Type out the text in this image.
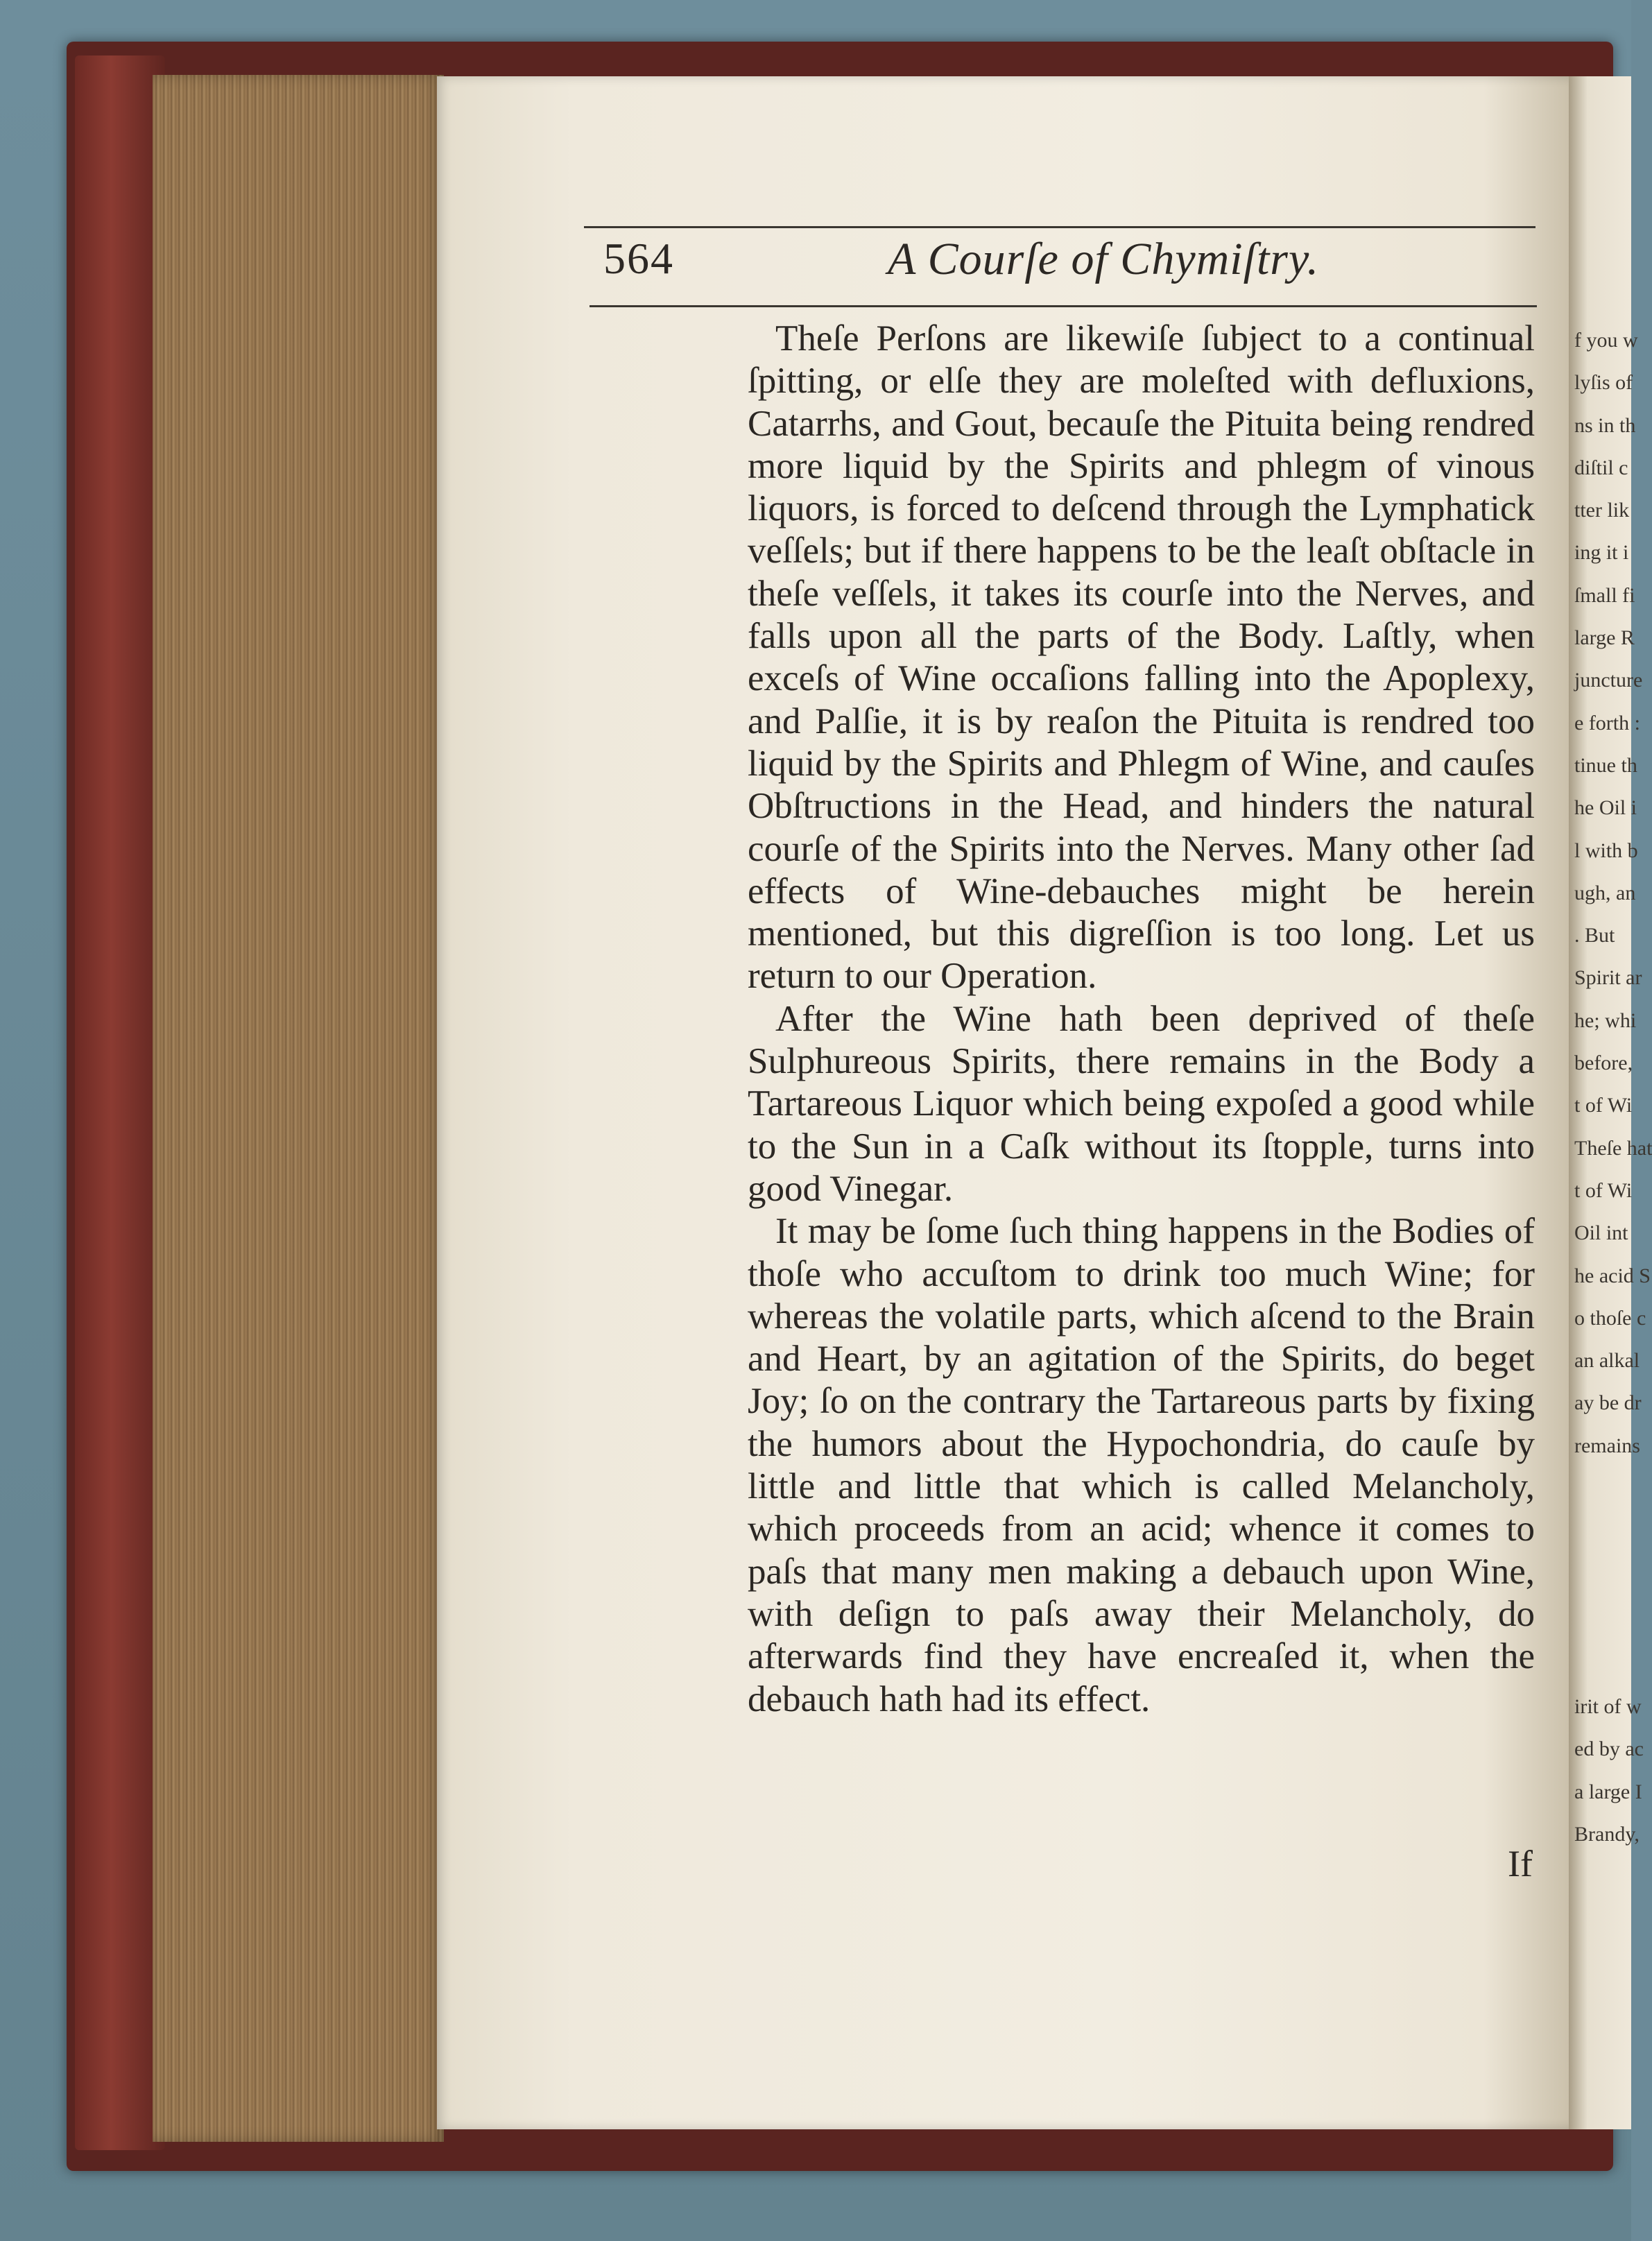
564	A Courſe of Chymiſtry.

Theſe Perſons are likewiſe ſubject to a continual ſpitting, or elſe they are moleſted with defluxions, Catarrhs, and Gout, becauſe the Pituita being rendred more liquid by the Spirits and phlegm of vinous liquors, is forced to deſcend through the Lymphatick veſſels; but if there happens to be the leaſt obſtacle in theſe veſſels, it takes its courſe into the Nerves, and falls upon all the parts of the Body. Laſtly, when exceſs of Wine occaſions falling into the Apoplexy, and Palſie, it is by reaſon the Pituita is rendred too liquid by the Spirits and Phlegm of Wine, and cauſes Obſtructions in the Head, and hinders the natural courſe of the Spirits into the Nerves. Many other ſad effects of Wine-debauches might be herein mentioned, but this digreſſion is too long. Let us return to our Operation.

After the Wine hath been deprived of theſe Sulphureous Spirits, there remains in the Body a Tartareous Liquor which being expoſed a good while to the Sun in a Caſk without its ſtopple, turns into good Vinegar.

It may be ſome ſuch thing happens in the Bodies of thoſe who accuſtom to drink too much Wine; for whereas the volatile parts, which aſcend to the Brain and Heart, by an agitation of the Spirits, do beget Joy; ſo on the contrary the Tartareous parts by fixing the humors about the Hypochondria, do cauſe by little and little that which is called Melancholy, which proceeds from an acid; whence it comes to paſs that many men making a debauch upon Wine, with deſign to paſs away their Melancholy, do afterwards find they have encreaſed it, when the debauch hath had its effect.

If
f you w
lyſis of
ns in th
diſtil c
tter lik
ing it i
ſmall fi
large R
juncture
e forth :
tinue th
he Oil i
l with b
ugh, an
. But
Spirit ar
he; whi
before,
t of Wi
Theſe hat
t of Wi
Oil int
he acid S
o thoſe c
an alkal
ay be dr
remains
irit of w
ed by ac
a large I
Brandy,
